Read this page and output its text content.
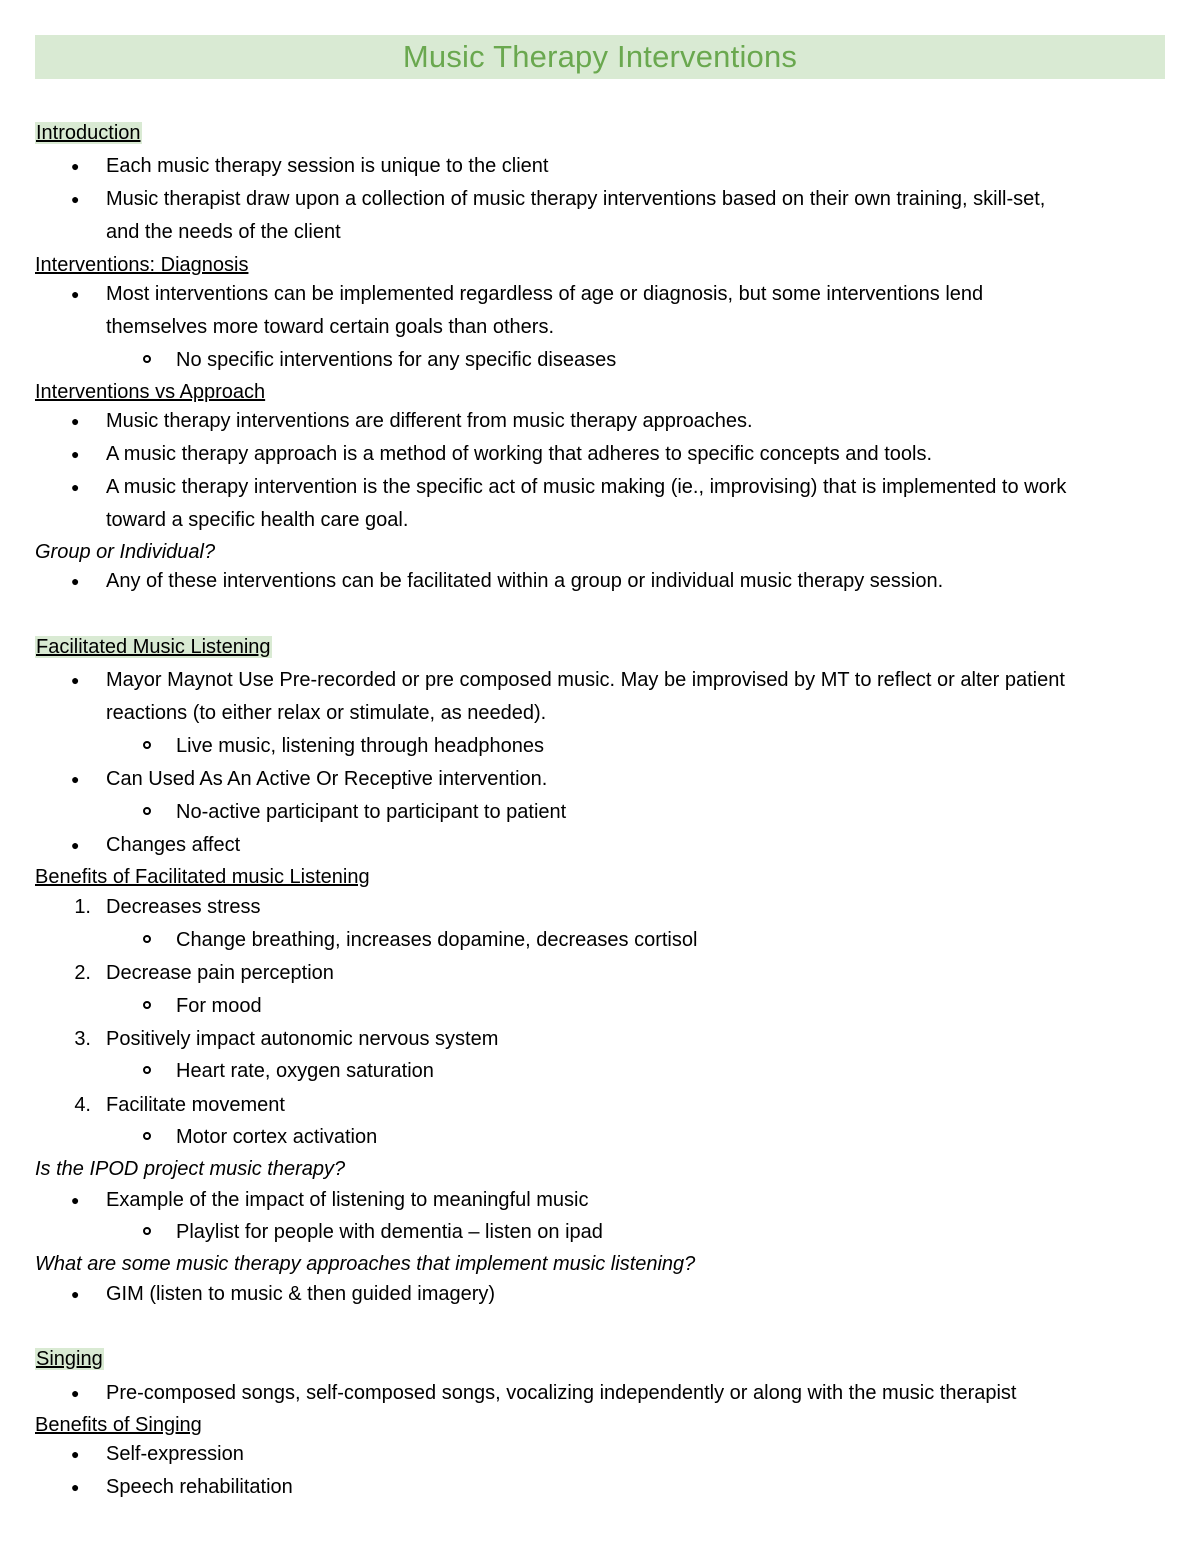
Music Therapy Interventions
Introduction
● Each music therapy session is unique to the client
● Music therapist draw upon a collection of music therapy interventions based on their own training, skill-set,
and the needs of the client
Interventions: Diagnosis
● Most interventions can be implemented regardless of age or diagnosis, but some interventions lend
themselves more toward certain goals than others.
No specific interventions for any specific diseases
Interventions vs Approach
● Music therapy interventions are different from music therapy approaches.
● A music therapy approach is a method of working that adheres to specific concepts and tools.
● A music therapy intervention is the specific act of music making (ie., improvising) that is implemented to work
toward a specific health care goal.
Group or Individual?
● Any of these interventions can be facilitated within a group or individual music therapy session.
Facilitated Music Listening
● Mayor Maynot Use Pre-recorded or pre composed music. May be improvised by MT to reflect or alter patient
reactions (to either relax or stimulate, as needed).
Live music, listening through headphones
● Can Used As An Active Or Receptive intervention.
No-active participant to participant to patient
● Changes affect
Benefits of Facilitated music Listening
1. Decreases stress
Change breathing, increases dopamine, decreases cortisol
2. Decrease pain perception
For mood
3. Positively impact autonomic nervous system
Heart rate, oxygen saturation
4. Facilitate movement
Motor cortex activation
Is the IPOD project music therapy?
● Example of the impact of listening to meaningful music
Playlist for people with dementia – listen on ipad
What are some music therapy approaches that implement music listening?
● GIM (listen to music & then guided imagery)
Singing
● Pre-composed songs, self-composed songs, vocalizing independently or along with the music therapist
Benefits of Singing
● Self-expression
● Speech rehabilitation
